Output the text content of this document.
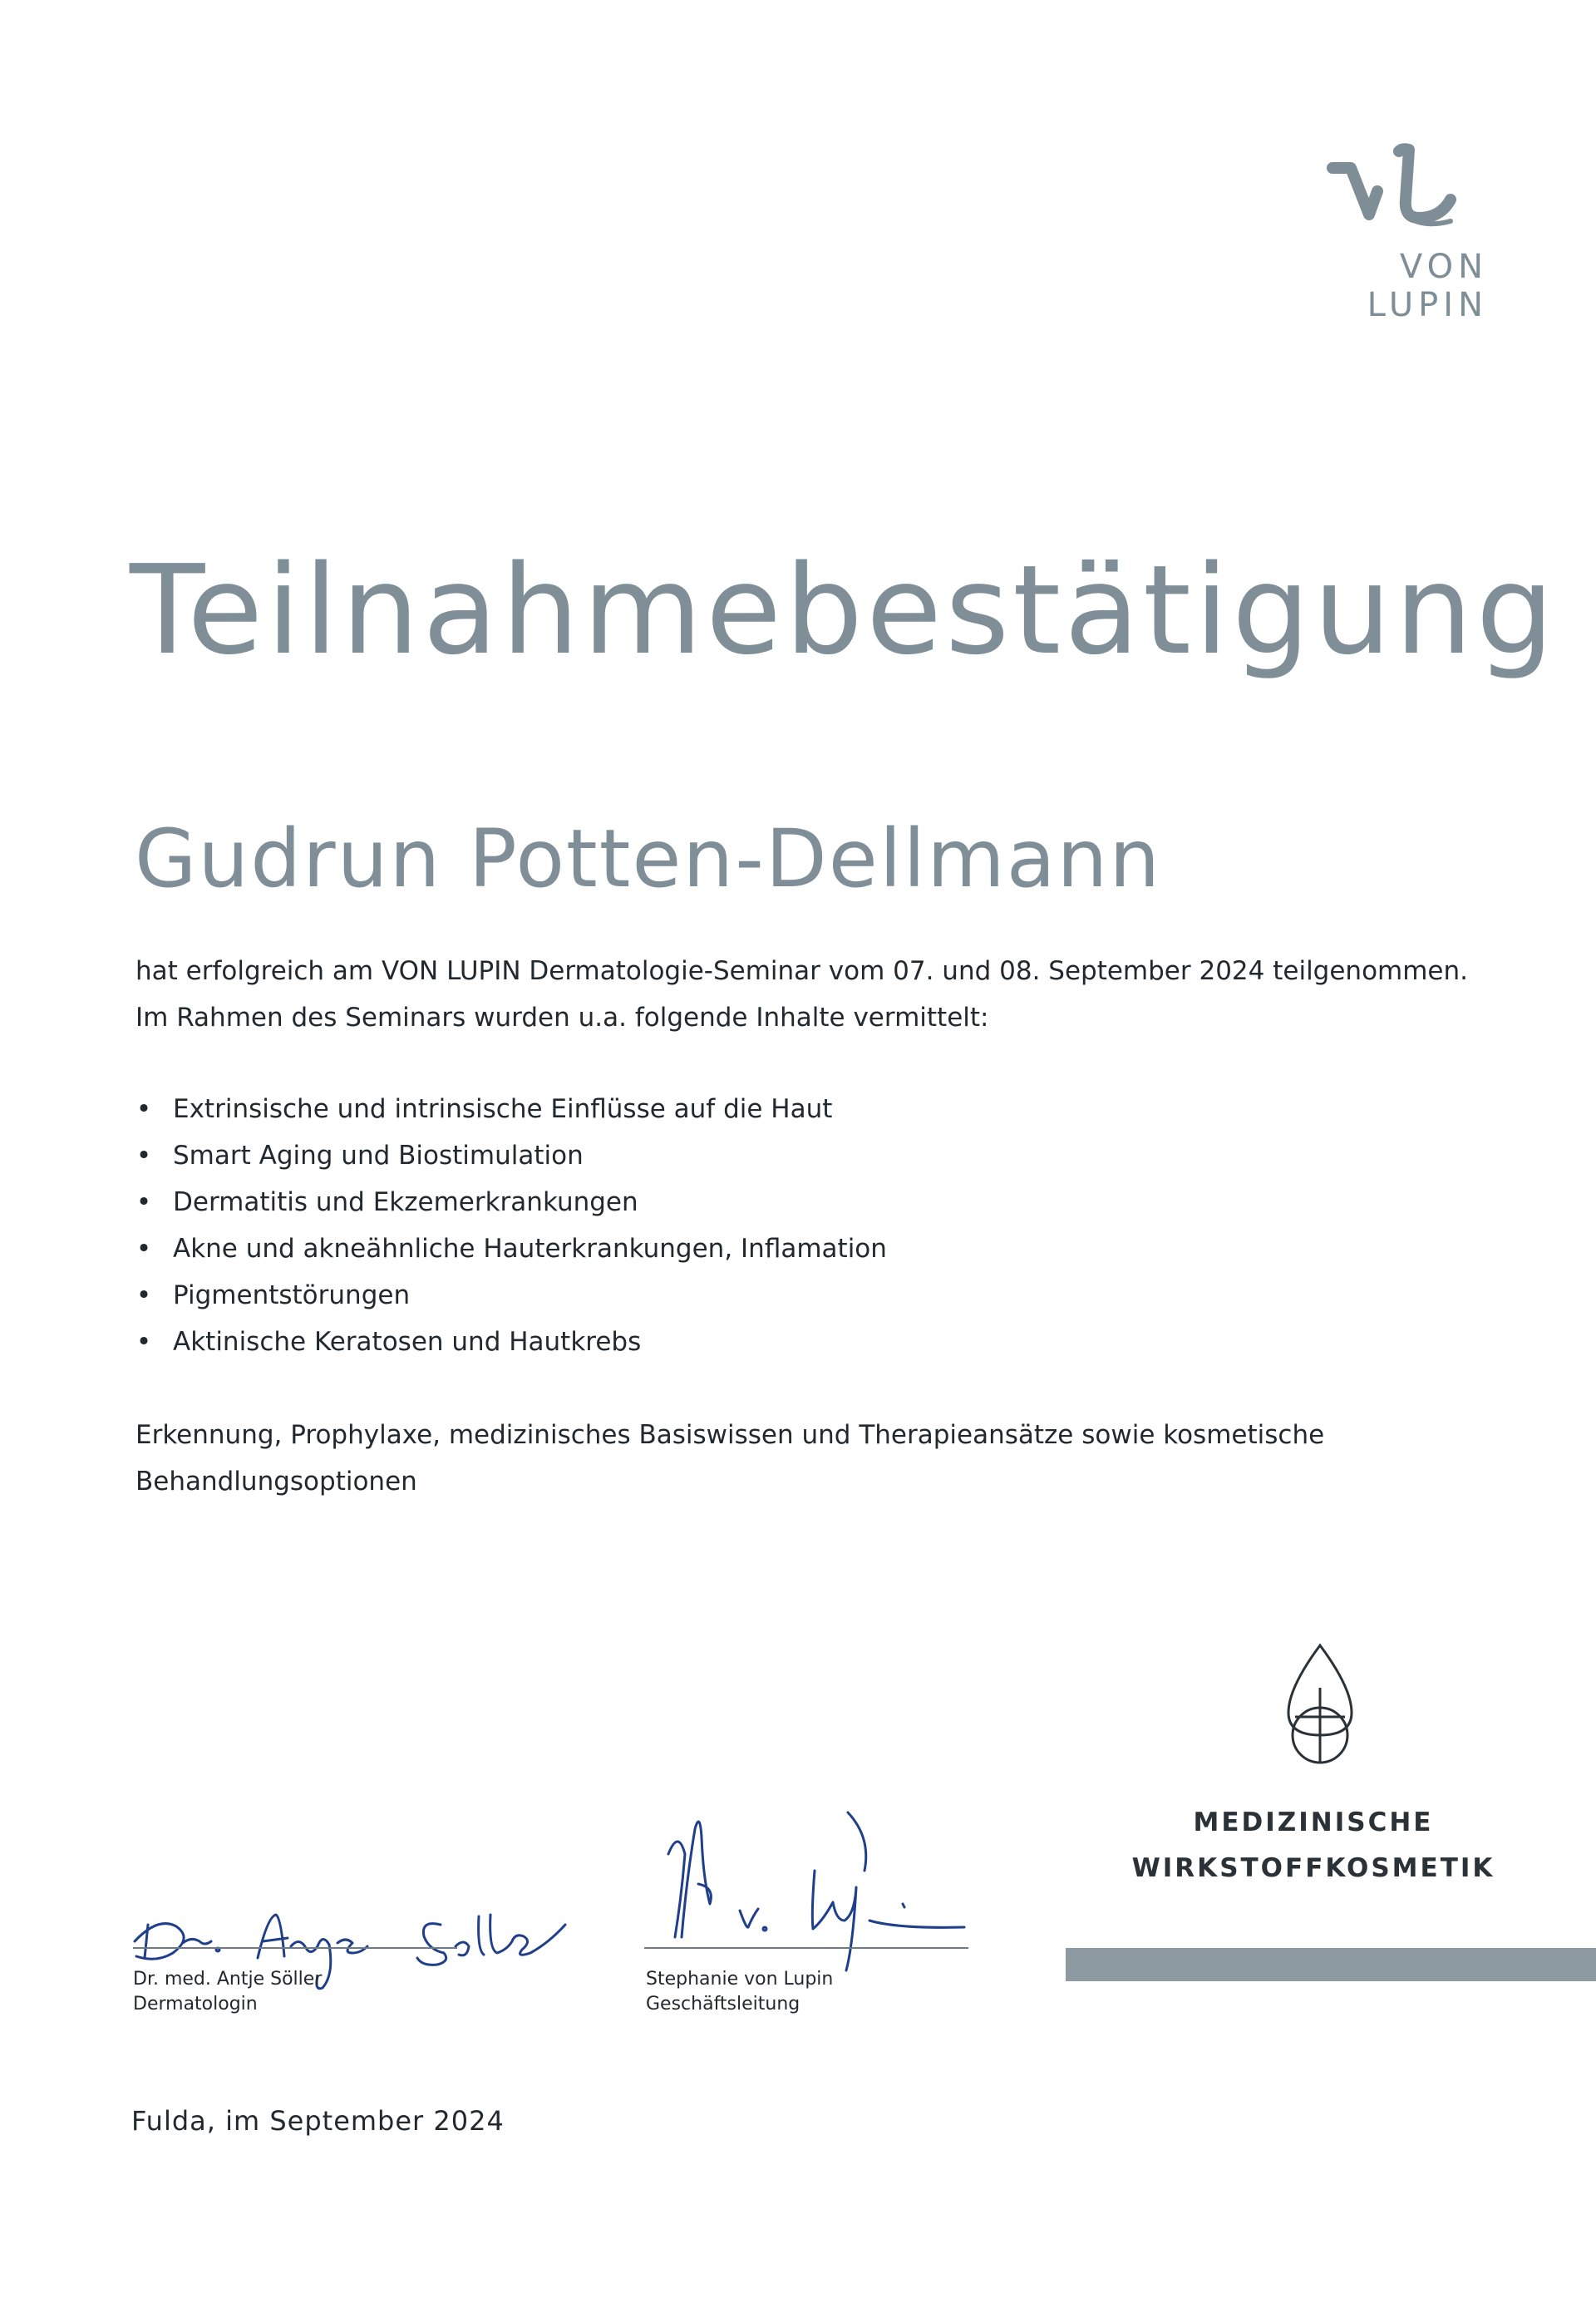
VON LUPIN
Teilnahmebestätigung
Gudrun Potten-Dellmann
hat erfolgreich am VON LUPIN Dermatologie-Seminar vom 07. und 08. September 2024 teilgenommen.
Im Rahmen des Seminars wurden u.a. folgende Inhalte vermittelt:
• Extrinsische und intrinsische Einflüsse auf die Haut
• Smart Aging und Biostimulation
• Dermatitis und Ekzemerkrankungen
• Akne und akneähnliche Hauterkrankungen, Inflamation
• Pigmentstörungen
• Aktinische Keratosen und Hautkrebs
Erkennung, Prophylaxe, medizinisches Basiswissen und Therapieansätze sowie kosmetische Behandlungsoptionen
MEDIZINISCHE
WIRKSTOFFKOSMETIK
Dr. med. Antje Söller
Dermatologin
Stephanie von Lupin
Geschäftsleitung
Fulda, im September 2024
